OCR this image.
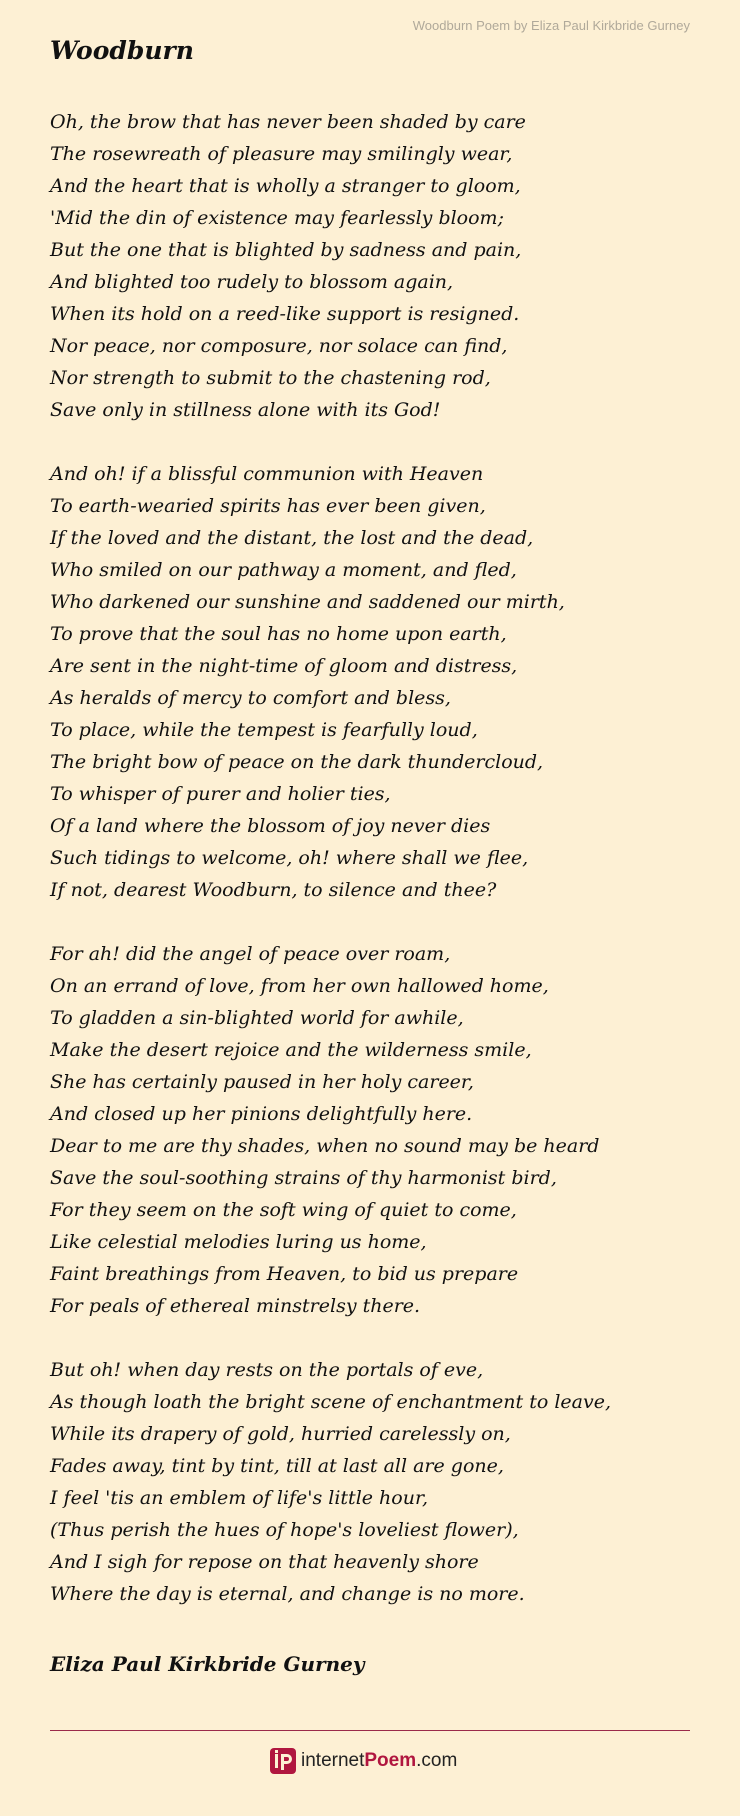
Woodburn Poem by Eliza Paul Kirkbride Gurney
Woodburn
Oh, the brow that has never been shaded by care
The rosewreath of pleasure may smilingly wear,
And the heart that is wholly a stranger to gloom,
'Mid the din of existence may fearlessly bloom;
But the one that is blighted by sadness and pain,
And blighted too rudely to blossom again,
When its hold on a reed-like support is resigned.
Nor peace, nor composure, nor solace can find,
Nor strength to submit to the chastening rod,
Save only in stillness alone with its God!
And oh! if a blissful communion with Heaven
To earth-wearied spirits has ever been given,
If the loved and the distant, the lost and the dead,
Who smiled on our pathway a moment, and fled,
Who darkened our sunshine and saddened our mirth,
To prove that the soul has no home upon earth,
Are sent in the night-time of gloom and distress,
As heralds of mercy to comfort and bless,
To place, while the tempest is fearfully loud,
The bright bow of peace on the dark thundercloud,
To whisper of purer and holier ties,
Of a land where the blossom of joy never dies
Such tidings to welcome, oh! where shall we flee,
If not, dearest Woodburn, to silence and thee?
For ah! did the angel of peace over roam,
On an errand of love, from her own hallowed home,
To gladden a sin-blighted world for awhile,
Make the desert rejoice and the wilderness smile,
She has certainly paused in her holy career,
And closed up her pinions delightfully here.
Dear to me are thy shades, when no sound may be heard
Save the soul-soothing strains of thy harmonist bird,
For they seem on the soft wing of quiet to come,
Like celestial melodies luring us home,
Faint breathings from Heaven, to bid us prepare
For peals of ethereal minstrelsy there.
But oh! when day rests on the portals of eve,
As though loath the bright scene of enchantment to leave,
While its drapery of gold, hurried carelessly on,
Fades away, tint by tint, till at last all are gone,
I feel 'tis an emblem of life's little hour,
(Thus perish the hues of hope's loveliest flower),
And I sigh for repose on that heavenly shore
Where the day is eternal, and change is no more.
Eliza Paul Kirkbride Gurney
internetPoem.com
